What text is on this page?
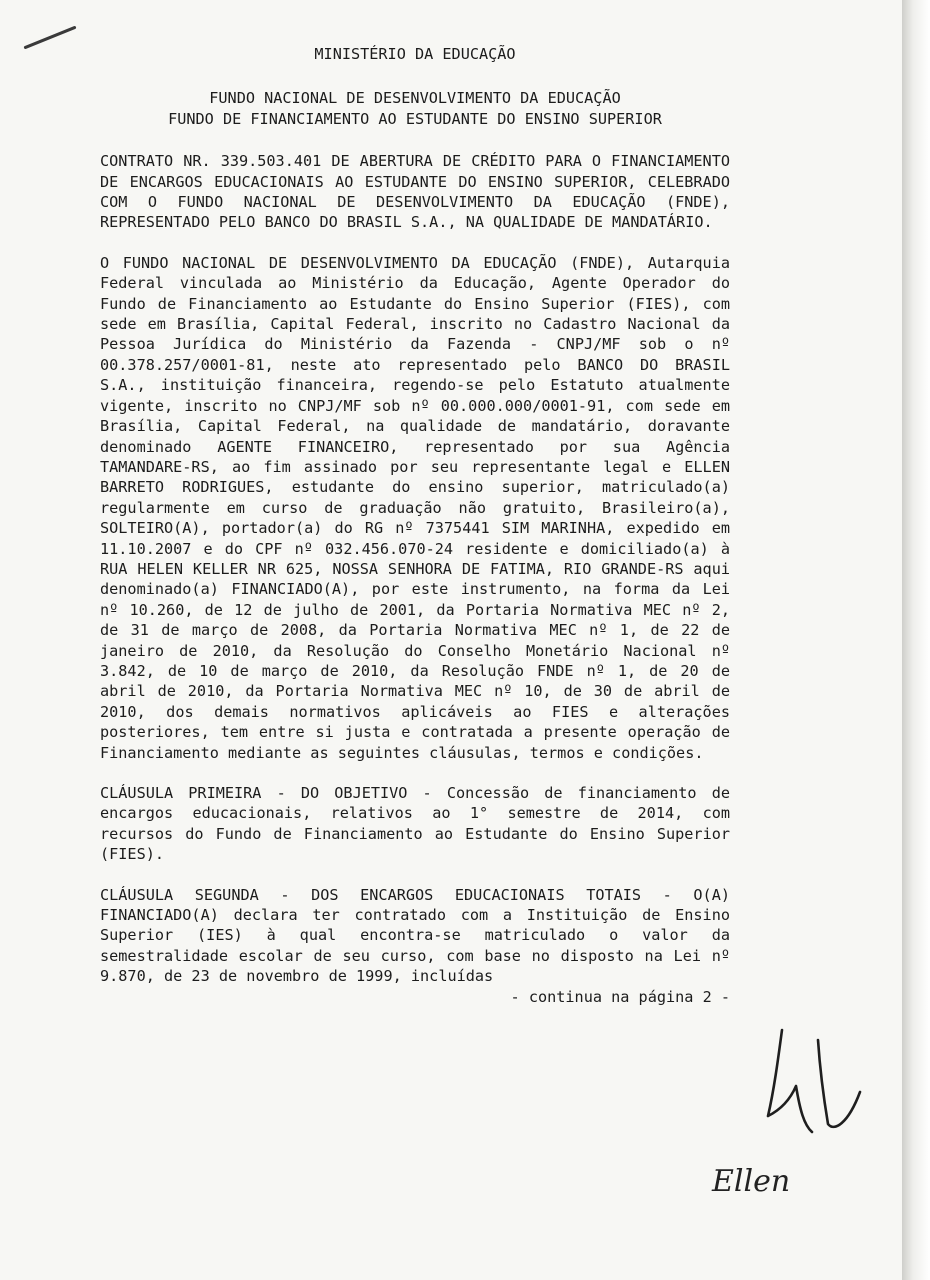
MINISTÉRIO DA EDUCAÇÃO
FUNDO NACIONAL DE DESENVOLVIMENTO DA EDUCAÇÃO
FUNDO DE FINANCIAMENTO AO ESTUDANTE DO ENSINO SUPERIOR

CONTRATO NR. 339.503.401 DE ABERTURA DE CRÉDITO PARA O FINANCIAMENTO DE ENCARGOS EDUCACIONAIS AO ESTUDANTE DO ENSINO SUPERIOR, CELEBRADO COM O FUNDO NACIONAL DE DESENVOLVIMENTO DA EDUCAÇÃO (FNDE), REPRESENTADO PELO BANCO DO BRASIL S.A., NA QUALIDADE DE MANDATÁRIO.

O FUNDO NACIONAL DE DESENVOLVIMENTO DA EDUCAÇÃO (FNDE), Autarquia Federal vinculada ao Ministério da Educação, Agente Operador do Fundo de Financiamento ao Estudante do Ensino Superior (FIES), com sede em Brasília, Capital Federal, inscrito no Cadastro Nacional da Pessoa Jurídica do Ministério da Fazenda - CNPJ/MF sob o nº 00.378.257/0001-81, neste ato representado pelo BANCO DO BRASIL S.A., instituição financeira, regendo-se pelo Estatuto atualmente vigente, inscrito no CNPJ/MF sob nº 00.000.000/0001-91, com sede em Brasília, Capital Federal, na qualidade de mandatário, doravante denominado AGENTE FINANCEIRO, representado por sua Agência TAMANDARE-RS, ao fim assinado por seu representante legal e ELLEN BARRETO RODRIGUES, estudante do ensino superior, matriculado(a) regularmente em curso de graduação não gratuito, Brasileiro(a), SOLTEIRO(A), portador(a) do RG nº 7375441 SIM MARINHA, expedido em 11.10.2007 e do CPF nº 032.456.070-24 residente e domiciliado(a) à RUA HELEN KELLER NR 625, NOSSA SENHORA DE FATIMA, RIO GRANDE-RS aqui denominado(a) FINANCIADO(A), por este instrumento, na forma da Lei nº 10.260, de 12 de julho de 2001, da Portaria Normativa MEC nº 2, de 31 de março de 2008, da Portaria Normativa MEC nº 1, de 22 de janeiro de 2010, da Resolução do Conselho Monetário Nacional nº 3.842, de 10 de março de 2010, da Resolução FNDE nº 1, de 20 de abril de 2010, da Portaria Normativa MEC nº 10, de 30 de abril de 2010, dos demais normativos aplicáveis ao FIES e alterações posteriores, tem entre si justa e contratada a presente operação de Financiamento mediante as seguintes cláusulas, termos e condições.

CLÁUSULA PRIMEIRA - DO OBJETIVO - Concessão de financiamento de encargos educacionais, relativos ao 1° semestre de 2014, com recursos do Fundo de Financiamento ao Estudante do Ensino Superior (FIES).

CLÁUSULA SEGUNDA - DOS ENCARGOS EDUCACIONAIS TOTAIS - O(A) FINANCIADO(A) declara ter contratado com a Instituição de Ensino Superior (IES) à qual encontra-se matriculado o valor da semestralidade escolar de seu curso, com base no disposto na Lei nº 9.870, de 23 de novembro de 1999, incluídas

- continua na página 2 -
Ellen
